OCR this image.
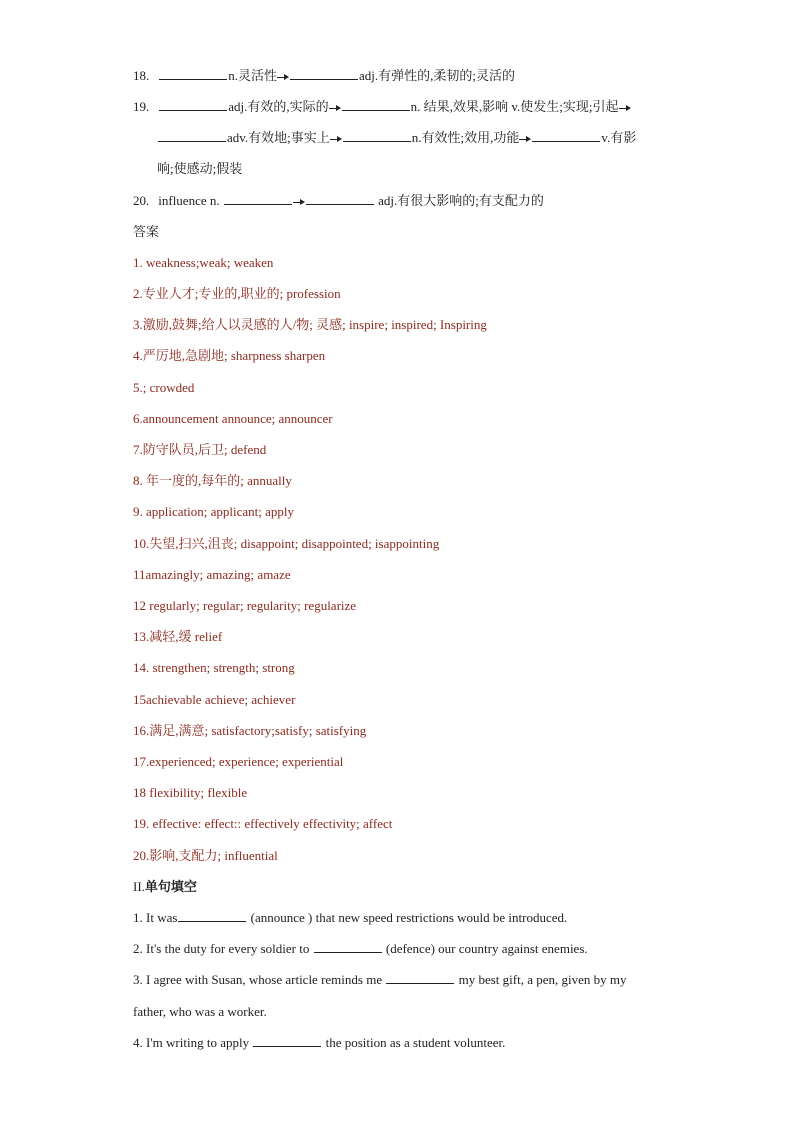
18.	n.灵活性	adj.有弹性的,柔韧的;灵活的
19.	adj.有效的,实际的	n. 结果,效果,影响 v.使发生;实现;引起
adv.有效地;事实上	n.有效性;效用,功能	v.有影
响;使感动;假装
20. influence n.	adj.有很大影响的;有支配力的
答案
1. weakness;weak; weaken
2.专业人才;专业的,职业的; profession
3.激励,鼓舞;给人以灵感的人/物; 灵感; inspire; inspired; Inspiring
4.严厉地,急剧地; sharpness sharpen
5.; crowded
6.announcement announce; announcer
7.防守队员,后卫; defend
8. 年一度的,每年的; annually
9. application; applicant; apply
10.失望,扫兴,沮丧; disappoint; disappointed; isappointing
11amazingly; amazing; amaze
12 regularly; regular; regularity; regularize
13.减轻,缓 relief
14. strengthen; strength; strong
15achievable achieve; achiever
16.满足,满意; satisfactory;satisfy; satisfying
17.experienced; experience; experiential
18 flexibility; flexible
19. effective: effect:: effectively effectivity; affect
20.影响,支配力; influential
II.单句填空
1. It was	(announce ) that new speed restrictions would be introduced.
2. It's the duty for every soldier to	(defence) our country against enemies.
3. I agree with Susan, whose article reminds me	my best gift, a pen, given by my
father, who was a worker.
4. I'm writing to apply	the position as a student volunteer.
